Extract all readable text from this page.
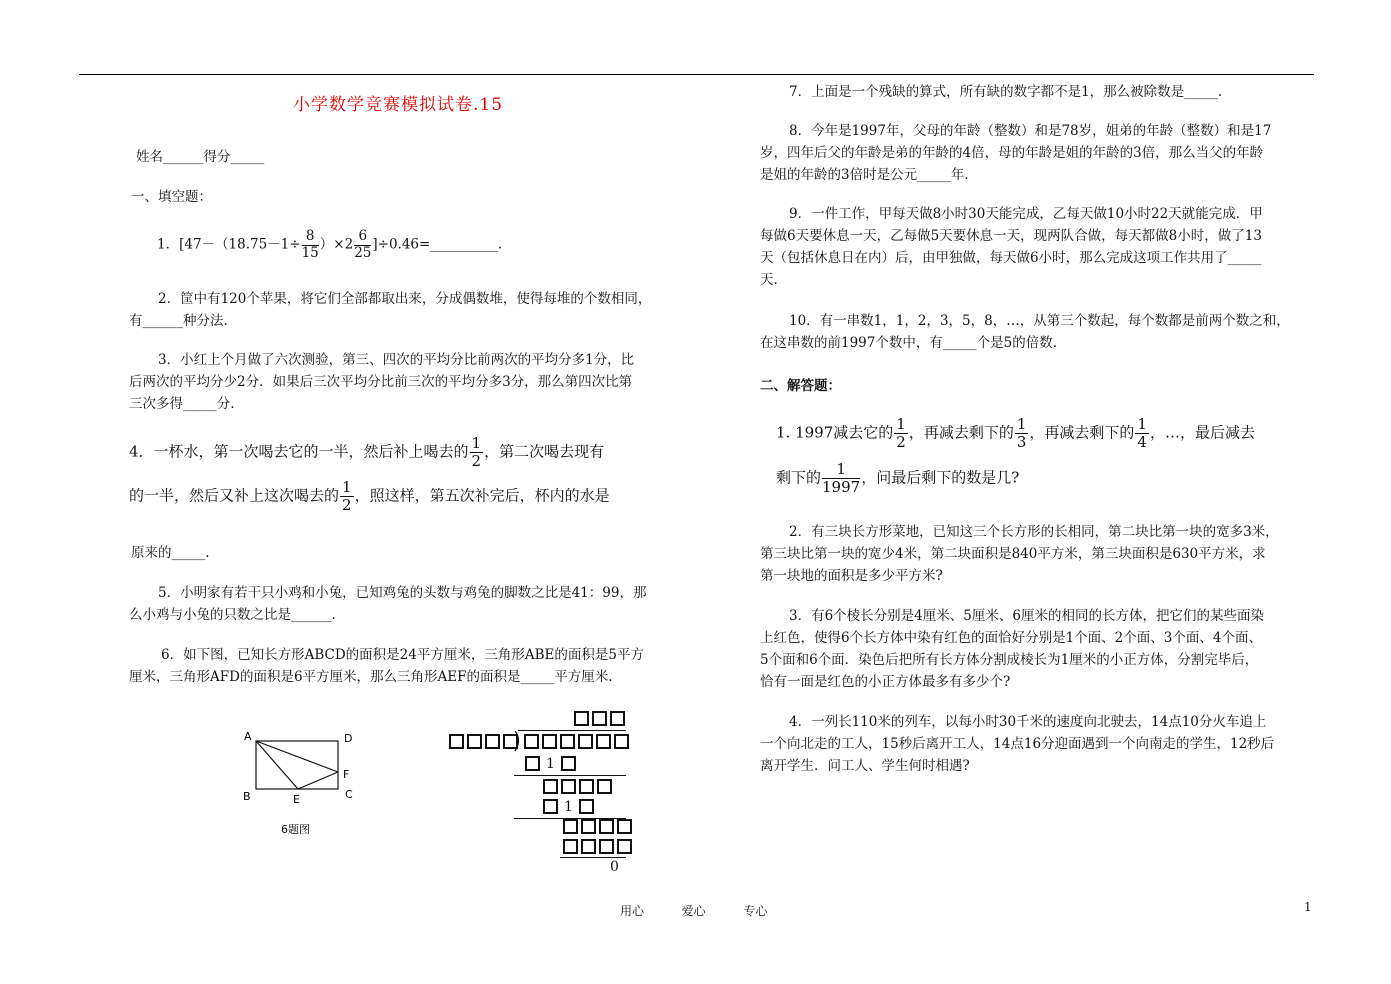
小学数学竞赛模拟试卷.15
姓名______得分_____
一、填空题：
1．[$47-(18.75-1\div \frac{8}{15} )\times 2 \frac{6}{25}$ ]÷0.46=__________.
2．筐中有120个苹果，将它们全部都取出来，分成偶数堆，使得每堆的个数相同，
有______种分法.
3．小红上个月做了六次测验，第三、四次的平均分比前两次的平均分多1分，比
后两次的平均分少2分．如果后三次平均分比前三次的平均分多3分，那么第四次比第
三次多得_____分.
4．一杯水，第一次喝去它的一半，然后补上喝去的 $\frac{1}{2}$ ，第二次喝去现有
的一半，然后又补上这次喝去的 $\frac{1}{2}$ ，照这样，第五次补完后，杯内的水是
原来的_____.
5．小明家有若干只小鸡和小兔，已知鸡兔的头数与鸡兔的脚数之比是41：99，那
么小鸡与小兔的只数之比是______.
6．如下图，已知长方形ABCD的面积是24平方厘米，三角形ABE的面积是5平方
厘米，三角形AFD的面积是6平方厘米，那么三角形AEF的面积是_____平方厘米.
A	D
F
B	E	C
6题图
1
1
0
7．上面是一个残缺的算式，所有缺的数字都不是1，那么被除数是_____.
8．今年是1997年，父母的年龄（整数）和是78岁，姐弟的年龄（整数）和是17
岁，四年后父的年龄是弟的年龄的4倍，母的年龄是姐的年龄的3倍，那么当父的年龄
是姐的年龄的3倍时是公元_____年.
9．一件工作，甲每天做8小时30天能完成，乙每天做10小时22天就能完成．甲
每做6天要休息一天，乙每做5天要休息一天，现两队合做，每天都做8小时，做了13
天（包括休息日在内）后，由甲独做，每天做6小时，那么完成这项工作共用了_____
天.
10．有一串数1，1，2，3，5，8，…，从第三个数起，每个数都是前两个数之和，
在这串数的前1997个数中，有_____个是5的倍数.
二、解答题：
1. 1997减去它的 $\frac{1}{2}$ ，再减去剩下的 $\frac{1}{3}$ ，再减去剩下的 $\frac{1}{4}$ ，…，最后减去
剩下的 $\frac{1}{1997}$ ，问最后剩下的数是几?
2．有三块长方形菜地，已知这三个长方形的长相同，第二块比第一块的宽多3米，
第三块比第一块的宽少4米，第二块面积是840平方米，第三块面积是630平方米，求
第一块地的面积是多少平方米?
3．有6个棱长分别是4厘米、5厘米、6厘米的相同的长方体，把它们的某些面染
上红色，使得6个长方体中染有红色的面恰好分别是1个面、2个面、3个面、4个面、
5个面和6个面．染色后把所有长方体分割成棱长为1厘米的小正方体，分割完毕后，
恰有一面是红色的小正方体最多有多少个?
4．一列长110米的列车，以每小时30千米的速度向北驶去，14点10分火车追上
一个向北走的工人，15秒后离开工人，14点16分迎面遇到一个向南走的学生，12秒后
离开学生．问工人、学生何时相遇?
用心	爱心	专心	1
